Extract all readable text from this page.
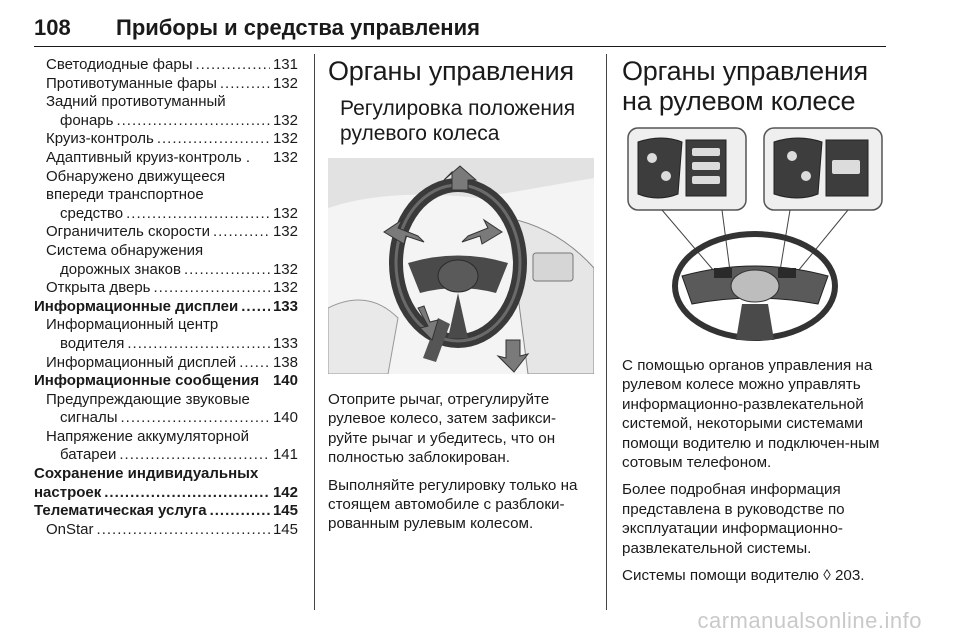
108	Приборы и средства управления
Светодиодные фары .....	131
Противотуманные фары .....	132
Задний противотуманный
фонарь .....	132
Круиз-контроль .....	132
Адаптивный круиз-контроль . 132
Обнаружено движущееся
впереди транспортное
средство .....	132
Ограничитель скорости .....	132
Система обнаружения
дорожных знаков .....	132
Открыта дверь .....	132
Информационные дисплеи ..... 133
Информационный центр
водителя .....	133
Информационный дисплей ..... 138
Информационные сообщения 140
Предупреждающие звуковые
сигналы .....	140
Напряжение аккумуляторной
батареи .....	141
Сохранение индивидуальных
настроек .....	142
Телематическая услуга .....	145
OnStar .....	145
Органы управления
Регулировка положения рулевого колеса

Отоприте рычаг, отрегулируйте рулевое колесо, затем зафикси-руйте рычаг и убедитесь, что он полностью заблокирован.

Выполняйте регулировку только на стоящем автомобиле с разблоки-рованным рулевым колесом.

Органы управления на рулевом колесе

С помощью органов управления на рулевом колесе можно управлять информационно-развлекательной системой, некоторыми системами помощи водителю и подключен-ным сотовым телефоном.

Более подробная информация представлена в руководстве по эксплуатации информационно-развлекательной системы.

Системы помощи водителю ◊ 203.

carmanualsonline.info
